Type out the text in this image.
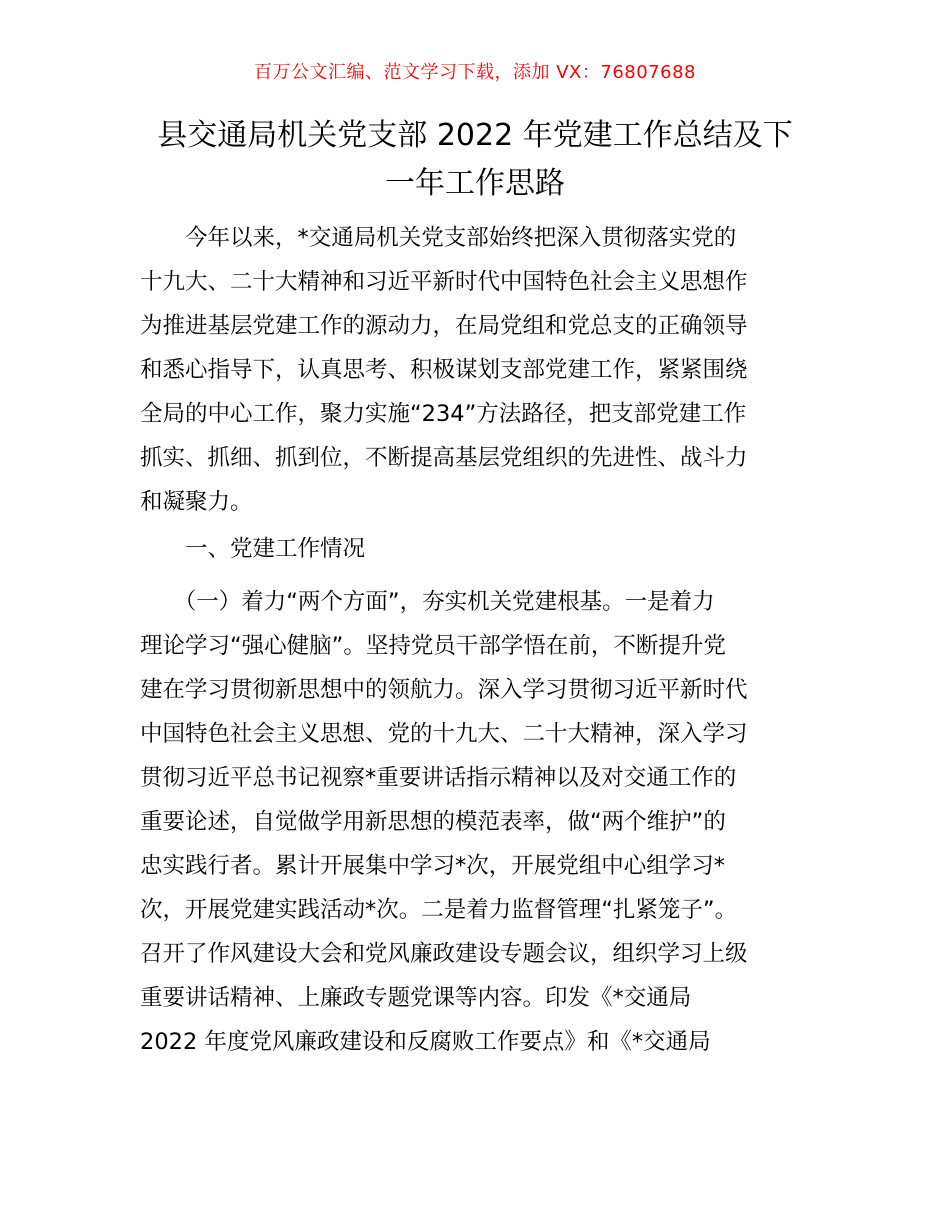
百万公文汇编、范文学习下载，添加 VX：76807688
县交通局机关党支部 2022 年党建工作总结及下
一年工作思路
　　今年以来，*交通局机关党支部始终把深入贯彻落实党的
十九大、二十大精神和习近平新时代中国特色社会主义思想作
为推进基层党建工作的源动力，在局党组和党总支的正确领导
和悉心指导下，认真思考、积极谋划支部党建工作，紧紧围绕
全局的中心工作，聚力实施“234”方法路径，把支部党建工作
抓实、抓细、抓到位，不断提高基层党组织的先进性、战斗力
和凝聚力。
　　一、党建工作情况
　　（一）着力“两个方面”，夯实机关党建根基。一是着力
理论学习“强心健脑”。坚持党员干部学悟在前，不断提升党
建在学习贯彻新思想中的领航力。深入学习贯彻习近平新时代
中国特色社会主义思想、党的十九大、二十大精神，深入学习
贯彻习近平总书记视察*重要讲话指示精神以及对交通工作的
重要论述，自觉做学用新思想的模范表率，做“两个维护”的
忠实践行者。累计开展集中学习*次，开展党组中心组学习*
次，开展党建实践活动*次。二是着力监督管理“扎紧笼子”。
召开了作风建设大会和党风廉政建设专题会议，组织学习上级
重要讲话精神、上廉政专题党课等内容。印发《*交通局
2022 年度党风廉政建设和反腐败工作要点》和《*交通局
